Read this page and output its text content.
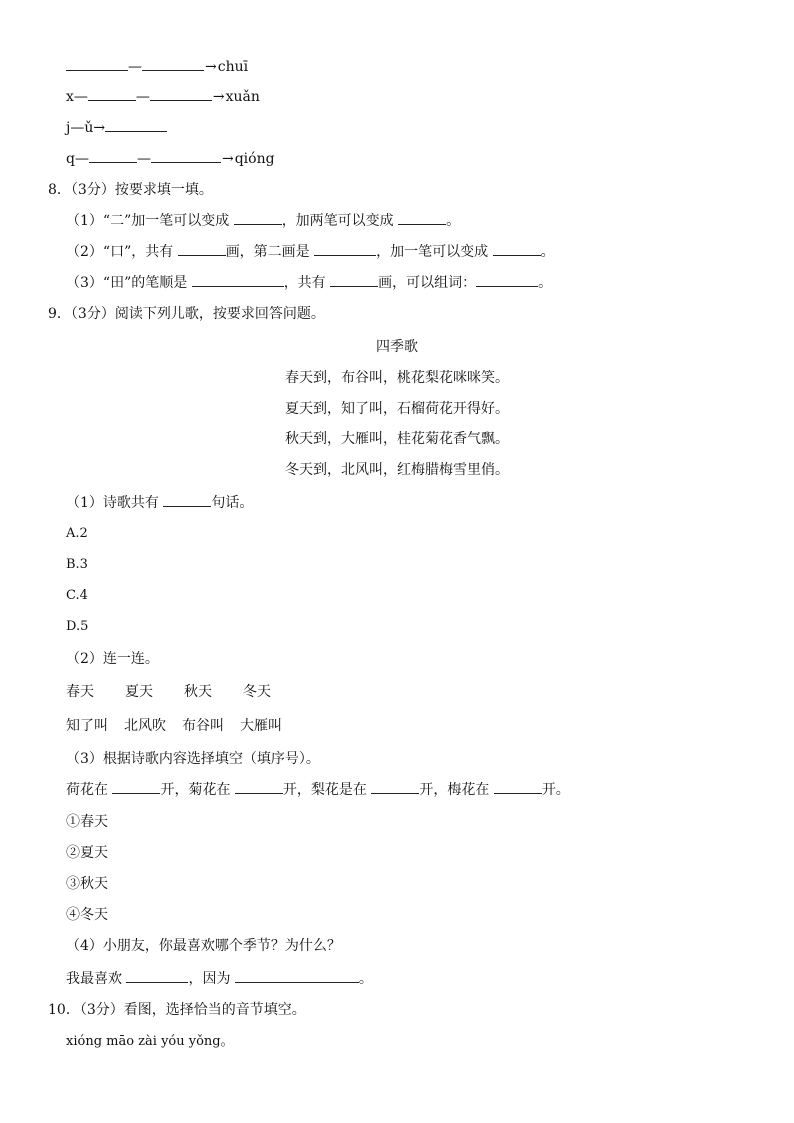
—	→chuī
x—	—	→xuǎn
j—ǔ→
q—	—	→qióng
8．（3分）按要求填一填。
（1）“二”加一笔可以变成	，加两笔可以变成	。
（2）“口”，共有	画，第二画是	，加一笔可以变成	。
（3）“田”的笔顺是	，共有	画，可以组词：	。
9．（3分）阅读下列儿歌，按要求回答问题。
四季歌
春天到，布谷叫，桃花梨花咪咪笑。
夏天到，知了叫，石榴荷花开得好。
秋天到，大雁叫，桂花菊花香气飘。
冬天到，北风叫，红梅腊梅雪里俏。
（1）诗歌共有	句话。
A.2
B.3
C.4
D.5
（2）连一连。
春天 夏天 秋天 冬天
知了叫 北风吹 布谷叫 大雁叫
（3）根据诗歌内容选择填空（填序号）。
荷花在	开，菊花在	开，梨花是在	开，梅花在	开。
①春天
②夏天
③秋天
④冬天
（4）小朋友，你最喜欢哪个季节？为什么？
我最喜欢	，因为	。
10．（3分）看图，选择恰当的音节填空。
xióng māo zài yóu yǒng。
